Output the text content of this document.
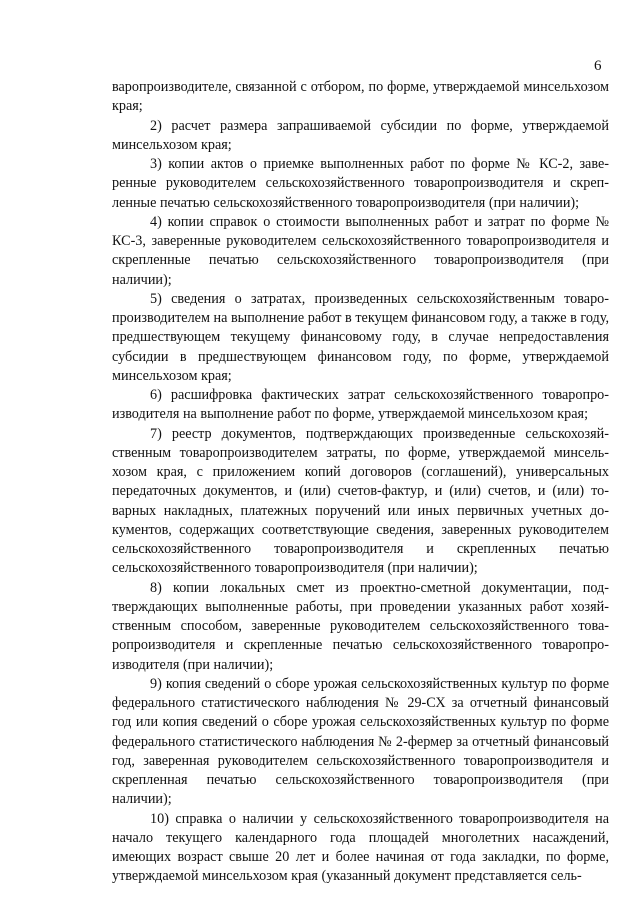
6

варопроизводителе, связанной с отбором, по форме, утверждаемой минсельхозом края;

2) расчет размера запрашиваемой субсидии по форме, утверждаемой минсельхозом края;

3) копии актов о приемке выполненных работ по форме № КС-2, заверенные руководителем сельскохозяйственного товаропроизводителя и скрепленные печатью сельскохозяйственного товаропроизводителя (при наличии);

4) копии справок о стоимости выполненных работ и затрат по форме № КС-3, заверенные руководителем сельскохозяйственного товаропроизводителя и скрепленные печатью сельскохозяйственного товаропроизводителя (при наличии);

5) сведения о затратах, произведенных сельскохозяйственным товаропроизводителем на выполнение работ в текущем финансовом году, а также в году, предшествующем текущему финансовому году, в случае непредоставления субсидии в предшествующем финансовом году, по форме, утверждаемой минсельхозом края;

6) расшифровка фактических затрат сельскохозяйственного товаропроизводителя на выполнение работ по форме, утверждаемой минсельхозом края;

7) реестр документов, подтверждающих произведенные сельскохозяйственным товаропроизводителем затраты, по форме, утверждаемой минсельхозом края, с приложением копий договоров (соглашений), универсальных передаточных документов, и (или) счетов-фактур, и (или) счетов, и (или) товарных накладных, платежных поручений или иных первичных учетных документов, содержащих соответствующие сведения, заверенных руководителем сельскохозяйственного товаропроизводителя и скрепленных печатью сельскохозяйственного товаропроизводителя (при наличии);

8) копии локальных смет из проектно-сметной документации, подтверждающих выполненные работы, при проведении указанных работ хозяйственным способом, заверенные руководителем сельскохозяйственного товаропроизводителя и скрепленные печатью сельскохозяйственного товаропроизводителя (при наличии);

9) копия сведений о сборе урожая сельскохозяйственных культур по форме федерального статистического наблюдения № 29-СХ за отчетный финансовый год или копия сведений о сборе урожая сельскохозяйственных культур по форме федерального статистического наблюдения № 2-фермер за отчетный финансовый год, заверенная руководителем сельскохозяйственного товаропроизводителя и скрепленная печатью сельскохозяйственного товаропроизводителя (при наличии);

10) справка о наличии у сельскохозяйственного товаропроизводителя на начало текущего календарного года площадей многолетних насаждений, имеющих возраст свыше 20 лет и более начиная от года закладки, по форме, утверждаемой минсельхозом края (указанный документ представляется сель-
